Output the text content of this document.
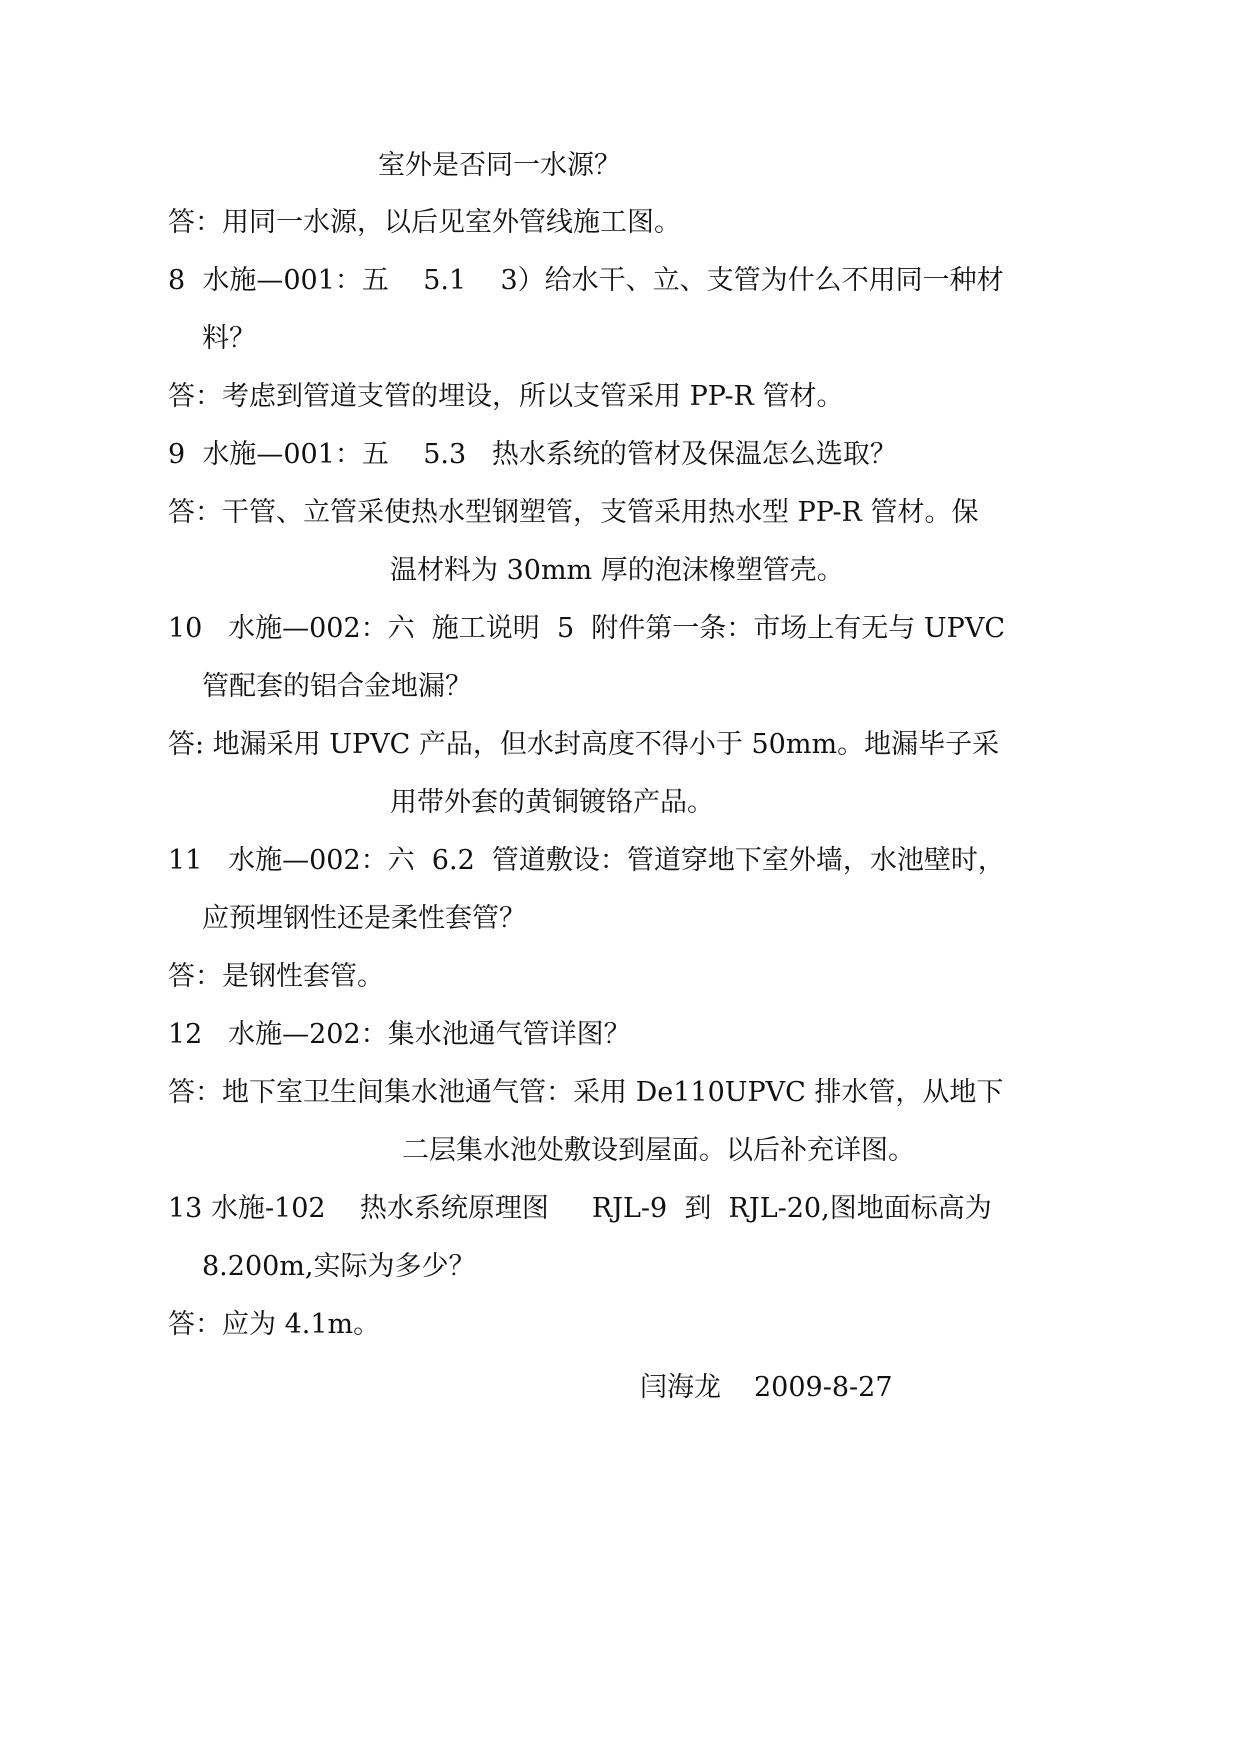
室外是否同一水源？
答：用同一水源，以后见室外管线施工图。
8  水施—001：五    5.1    3）给水干、立、支管为什么不用同一种材
料？
答：考虑到管道支管的埋设，所以支管采用 PP-R 管材。
9  水施—001：五    5.3   热水系统的管材及保温怎么选取？
答：干管、立管采使热水型钢塑管，支管采用热水型 PP-R 管材。保
温材料为 30mm 厚的泡沫橡塑管壳。
10   水施—002：六  施工说明  5  附件第一条：市场上有无与 UPVC
管配套的铝合金地漏？
答: 地漏采用 UPVC 产品，但水封高度不得小于 50mm。地漏毕子采
用带外套的黄铜镀铬产品。
11   水施—002：六  6.2  管道敷设：管道穿地下室外墙，水池壁时，
应预埋钢性还是柔性套管？
答：是钢性套管。
12   水施—202：集水池通气管详图？
答：地下室卫生间集水池通气管：采用 De110UPVC 排水管，从地下
二层集水池处敷设到屋面。以后补充详图。
13 水施-102    热水系统原理图     RJL-9  到  RJL-20,图地面标高为
8.200m,实际为多少？
答：应为 4.1m。
闫海龙 2009-8-27
